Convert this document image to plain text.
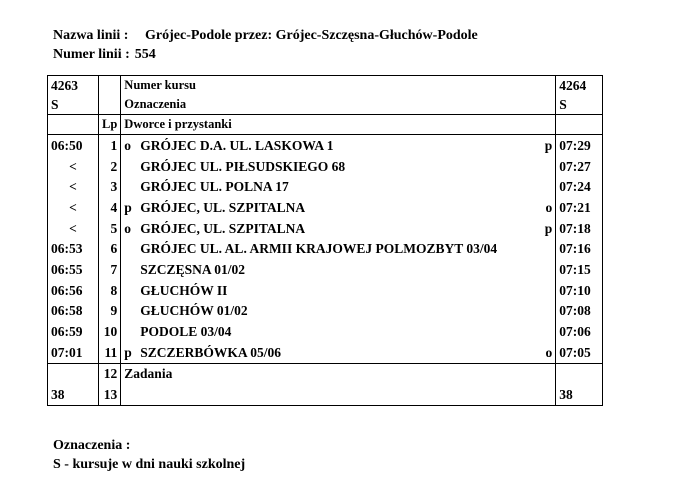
Nazwa linii : Grójec-Podole przez: Grójec-Szczęsna-Głuchów-Podole
Numer linii : 554
4263		Numer kursu			4264
S		Oznaczenia			S
	Lp	Dworce i przystanki			
06:50	1	o	GRÓJEC D.A. UL. LASKOWA 1	p	07:29
<	2		GRÓJEC UL. PIŁSUDSKIEGO 68		07:27
<	3		GRÓJEC UL. POLNA 17		07:24
<	4	p	GRÓJEC, UL. SZPITALNA	o	07:21
<	5	o	GRÓJEC, UL. SZPITALNA	p	07:18
06:53	6		GRÓJEC UL. AL. ARMII KRAJOWEJ POLMOZBYT 03/04		07:16
06:55	7		SZCZĘSNA 01/02		07:15
06:56	8		GŁUCHÓW II		07:10
06:58	9		GŁUCHÓW 01/02		07:08
06:59	10		PODOLE 03/04		07:06
07:01	11	p	SZCZERBÓWKA 05/06	o	07:05
	12	Zadania			
38	13				38
Oznaczenia :
S - kursuje w dni nauki szkolnej
